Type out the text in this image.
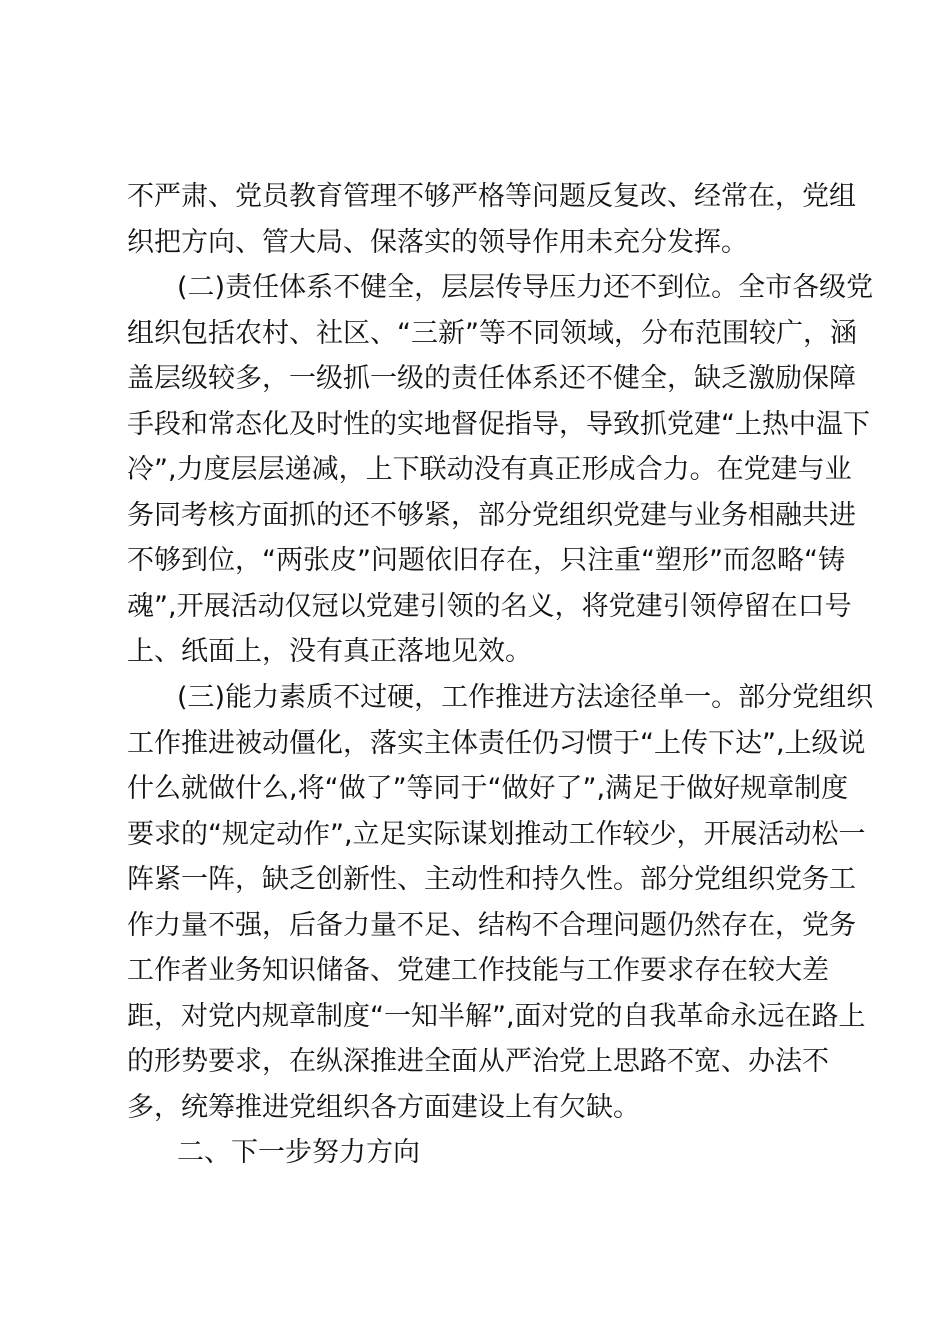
不严肃、党员教育管理不够严格等问题反复改、经常在，党组
织把方向、管大局、保落实的领导作用未充分发挥。
(二)责任体系不健全，层层传导压力还不到位。全市各级党
组织包括农村、社区、“三新”等不同领域，分布范围较广，涵
盖层级较多，一级抓一级的责任体系还不健全，缺乏激励保障
手段和常态化及时性的实地督促指导，导致抓党建“上热中温下
冷”,力度层层递减，上下联动没有真正形成合力。在党建与业
务同考核方面抓的还不够紧，部分党组织党建与业务相融共进
不够到位，“两张皮”问题依旧存在，只注重“塑形”而忽略“铸
魂”,开展活动仅冠以党建引领的名义，将党建引领停留在口号
上、纸面上，没有真正落地见效。
(三)能力素质不过硬，工作推进方法途径单一。部分党组织
工作推进被动僵化，落实主体责任仍习惯于“上传下达”,上级说
什么就做什么,将“做了”等同于“做好了”,满足于做好规章制度
要求的“规定动作”,立足实际谋划推动工作较少，开展活动松一
阵紧一阵，缺乏创新性、主动性和持久性。部分党组织党务工
作力量不强，后备力量不足、结构不合理问题仍然存在，党务
工作者业务知识储备、党建工作技能与工作要求存在较大差
距，对党内规章制度“一知半解”,面对党的自我革命永远在路上
的形势要求，在纵深推进全面从严治党上思路不宽、办法不
多，统筹推进党组织各方面建设上有欠缺。
二、下一步努力方向
